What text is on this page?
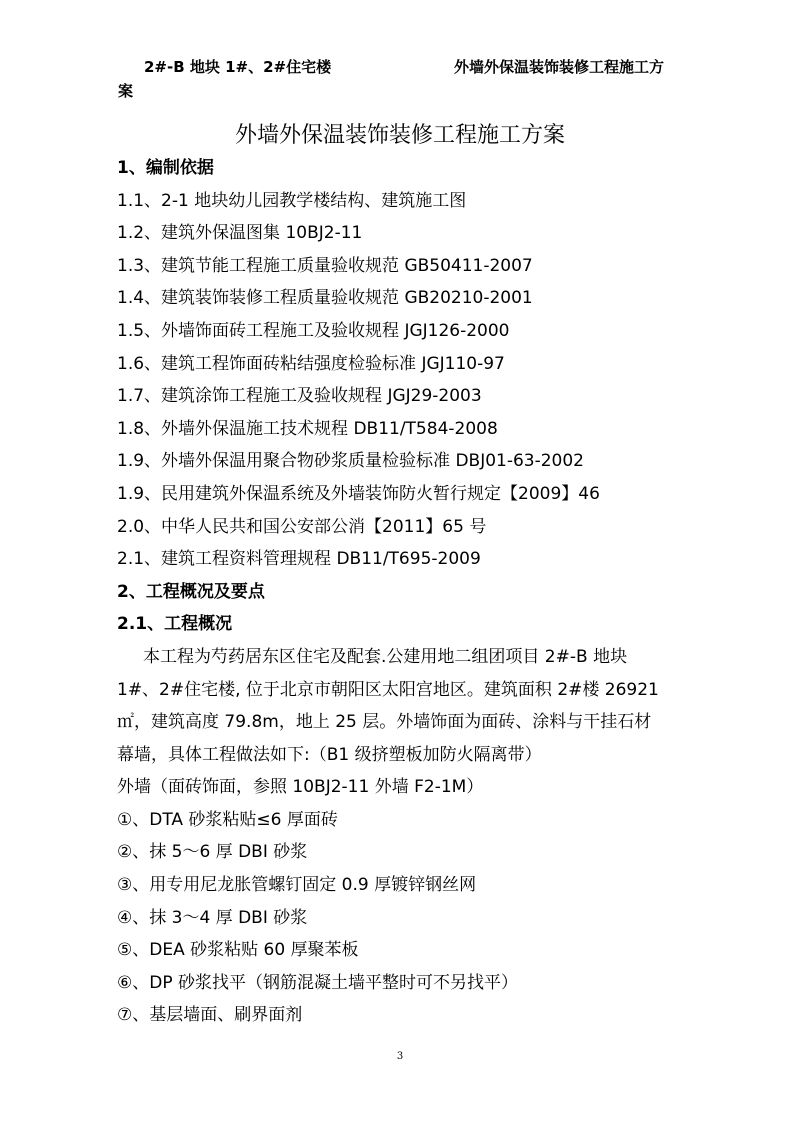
2#-B 地块 1#、2#住宅楼	外墙外保温装饰装修工程施工方
案
外墙外保温装饰装修工程施工方案
1、编制依据
1.1、2-1 地块幼儿园教学楼结构、建筑施工图
1.2、建筑外保温图集 10BJ2-11
1.3、建筑节能工程施工质量验收规范 GB50411-2007
1.4、建筑装饰装修工程质量验收规范 GB20210-2001
1.5、外墙饰面砖工程施工及验收规程 JGJ126-2000
1.6、建筑工程饰面砖粘结强度检验标准 JGJ110-97
1.7、建筑涂饰工程施工及验收规程 JGJ29-2003
1.8、外墙外保温施工技术规程 DB11/T584-2008
1.9、外墙外保温用聚合物砂浆质量检验标准 DBJ01-63-2002
1.9、民用建筑外保温系统及外墙装饰防火暂行规定【2009】46
2.0、中华人民共和国公安部公消【2011】65 号
2.1、建筑工程资料管理规程 DB11/T695-2009
2、工程概况及要点
2.1、工程概况
本工程为芍药居东区住宅及配套.公建用地二组团项目 2#-B 地块
1#、2#住宅楼, 位于北京市朝阳区太阳宫地区。建筑面积 2#楼 26921
㎡，建筑高度 79.8m，地上 25 层。外墙饰面为面砖、涂料与干挂石材
幕墙，具体工程做法如下:（B1 级挤塑板加防火隔离带）
外墙（面砖饰面，参照 10BJ2-11 外墙 F2-1M）
①、DTA 砂浆粘贴≤6 厚面砖
②、抹 5～6 厚 DBI 砂浆
③、用专用尼龙胀管螺钉固定 0.9 厚镀锌钢丝网
④、抹 3～4 厚 DBI 砂浆
⑤、DEA 砂浆粘贴 60 厚聚苯板
⑥、DP 砂浆找平（钢筋混凝土墙平整时可不另找平）
⑦、基层墙面、刷界面剂
3
